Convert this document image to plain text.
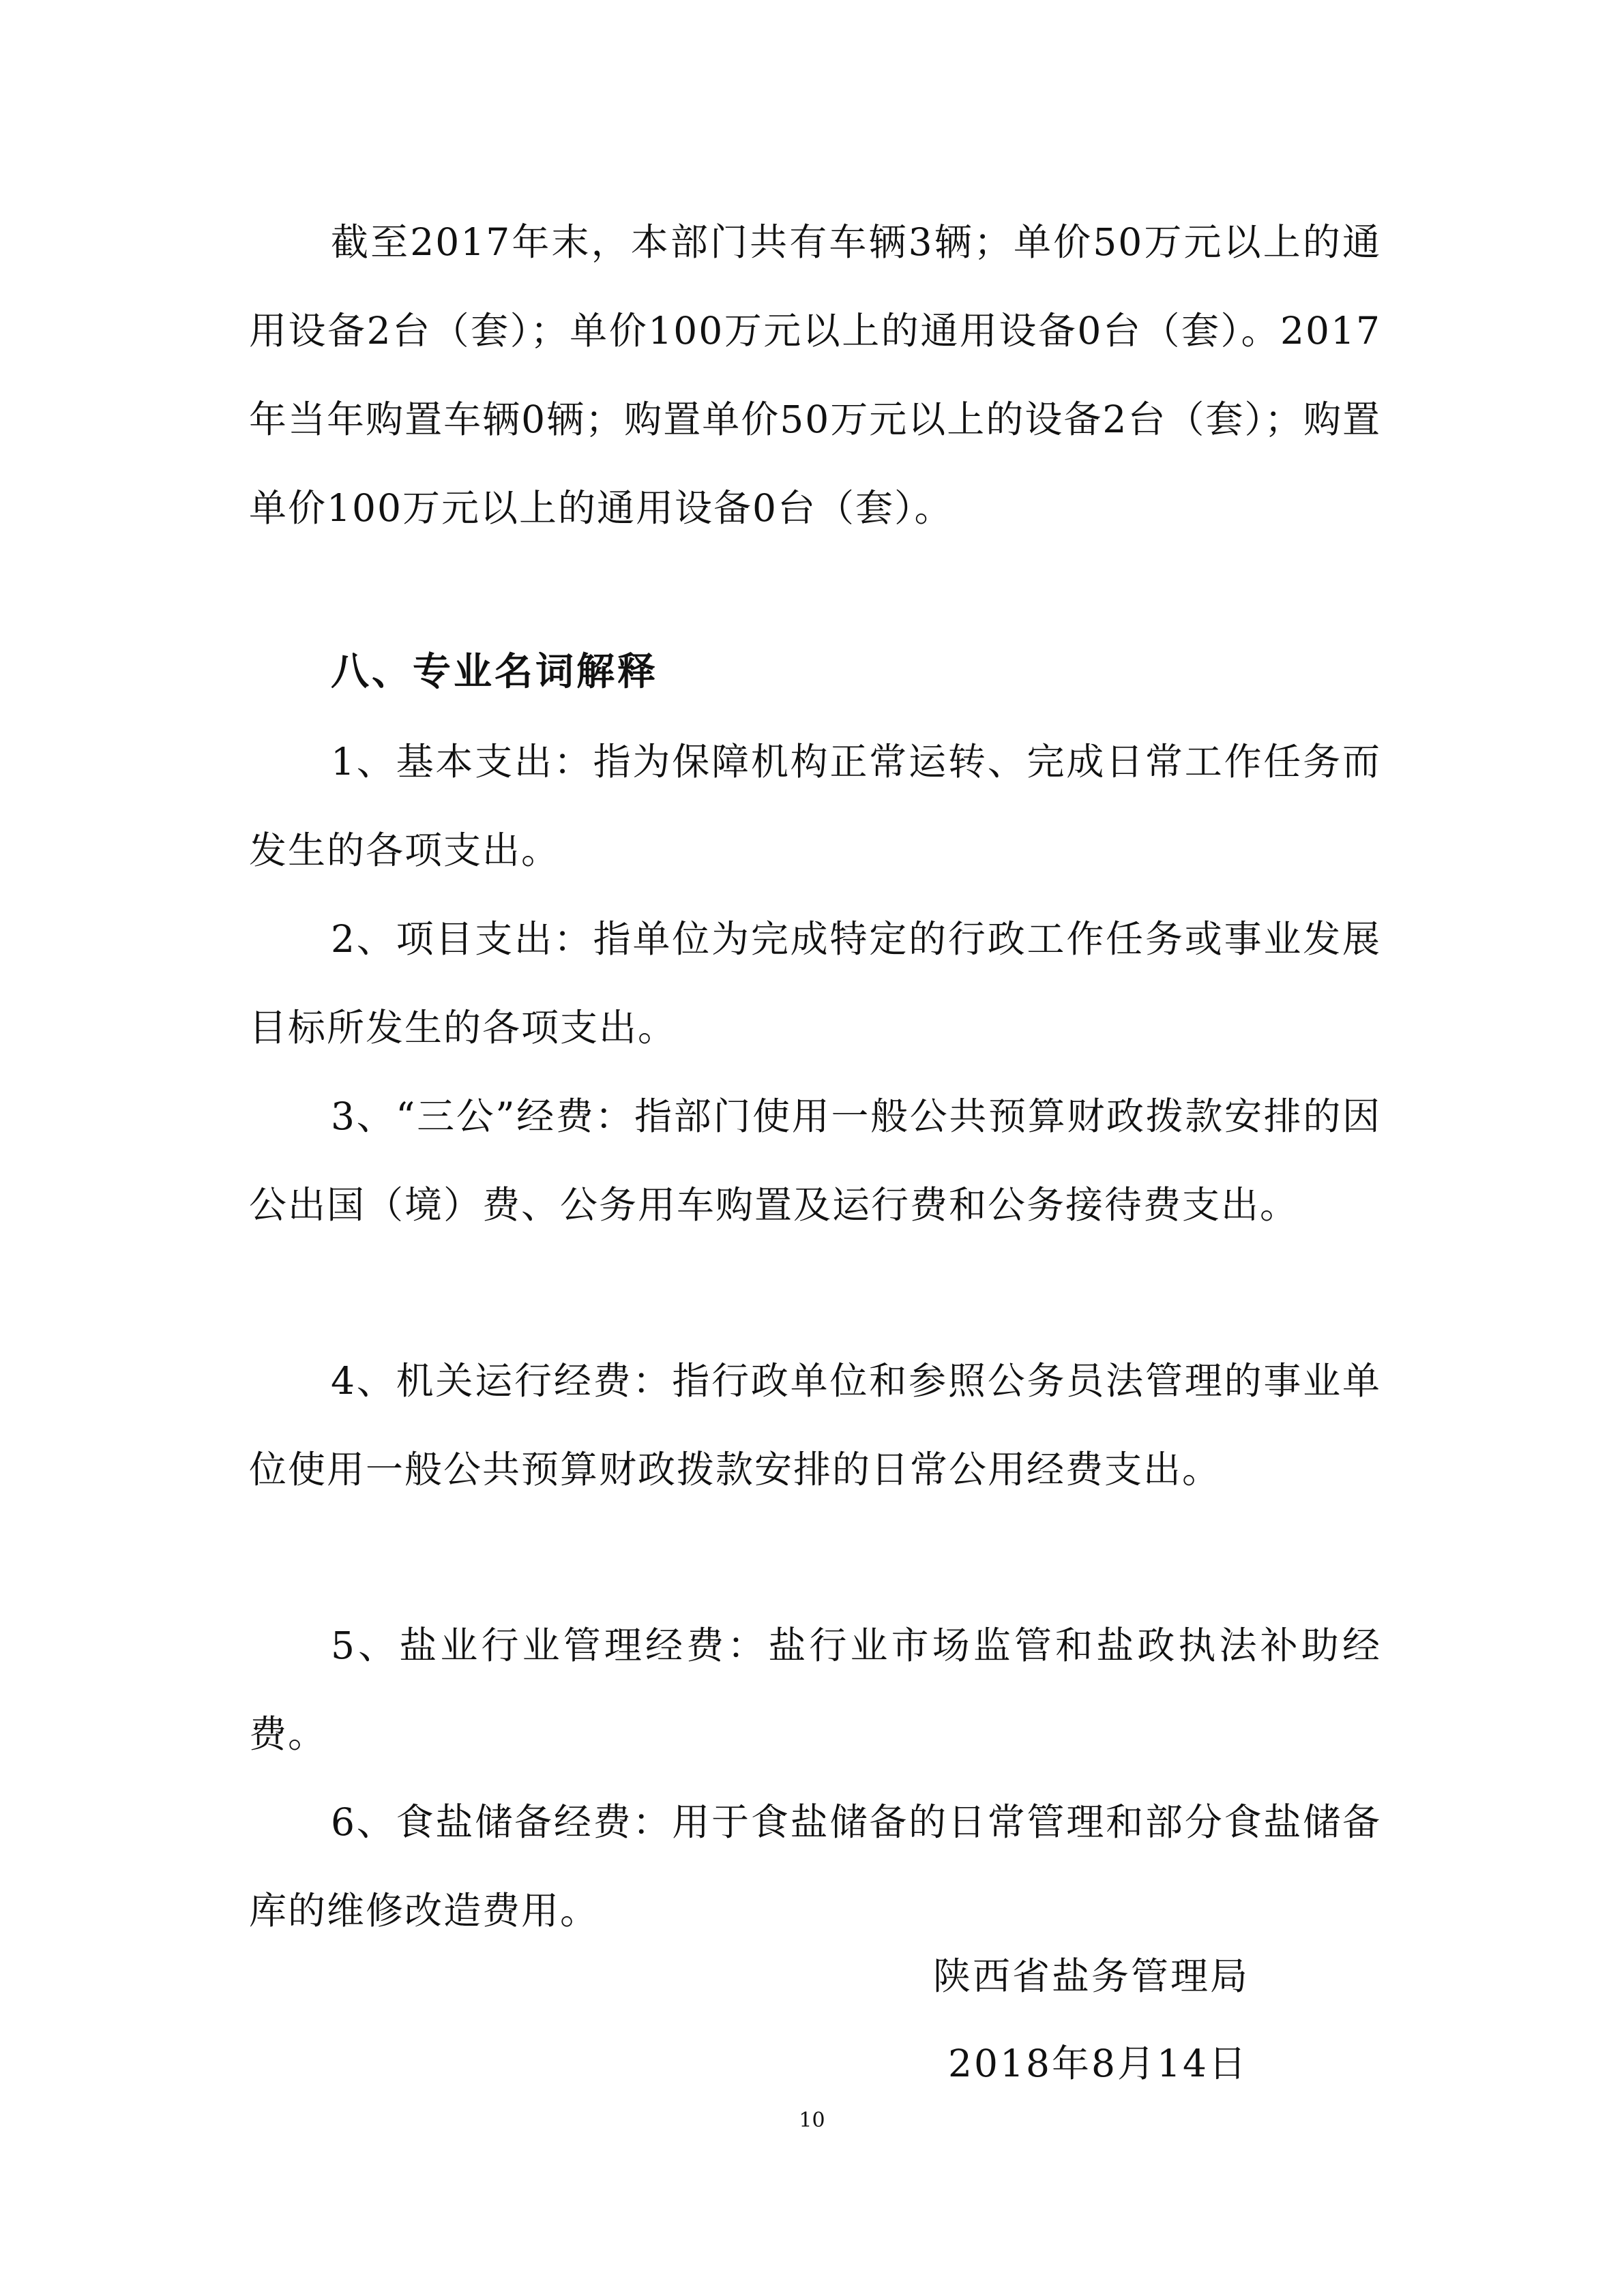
截至2017年末，本部门共有车辆3辆；单价50万元以上的通用设备2台（套）；单价100万元以上的通用设备0台（套）。2017年当年购置车辆0辆；购置单价50万元以上的设备2台（套）；购置单价100万元以上的通用设备0台（套）。

八、专业名词解释

1、基本支出：指为保障机构正常运转、完成日常工作任务而发生的各项支出。

2、项目支出：指单位为完成特定的行政工作任务或事业发展目标所发生的各项支出。

3、“三公”经费：指部门使用一般公共预算财政拨款安排的因公出国（境）费、公务用车购置及运行费和公务接待费支出。

4、机关运行经费：指行政单位和参照公务员法管理的事业单位使用一般公共预算财政拨款安排的日常公用经费支出。

5、盐业行业管理经费：盐行业市场监管和盐政执法补助经费。

6、食盐储备经费：用于食盐储备的日常管理和部分食盐储备库的维修改造费用。

陕西省盐务管理局
2018年8月14日
10
